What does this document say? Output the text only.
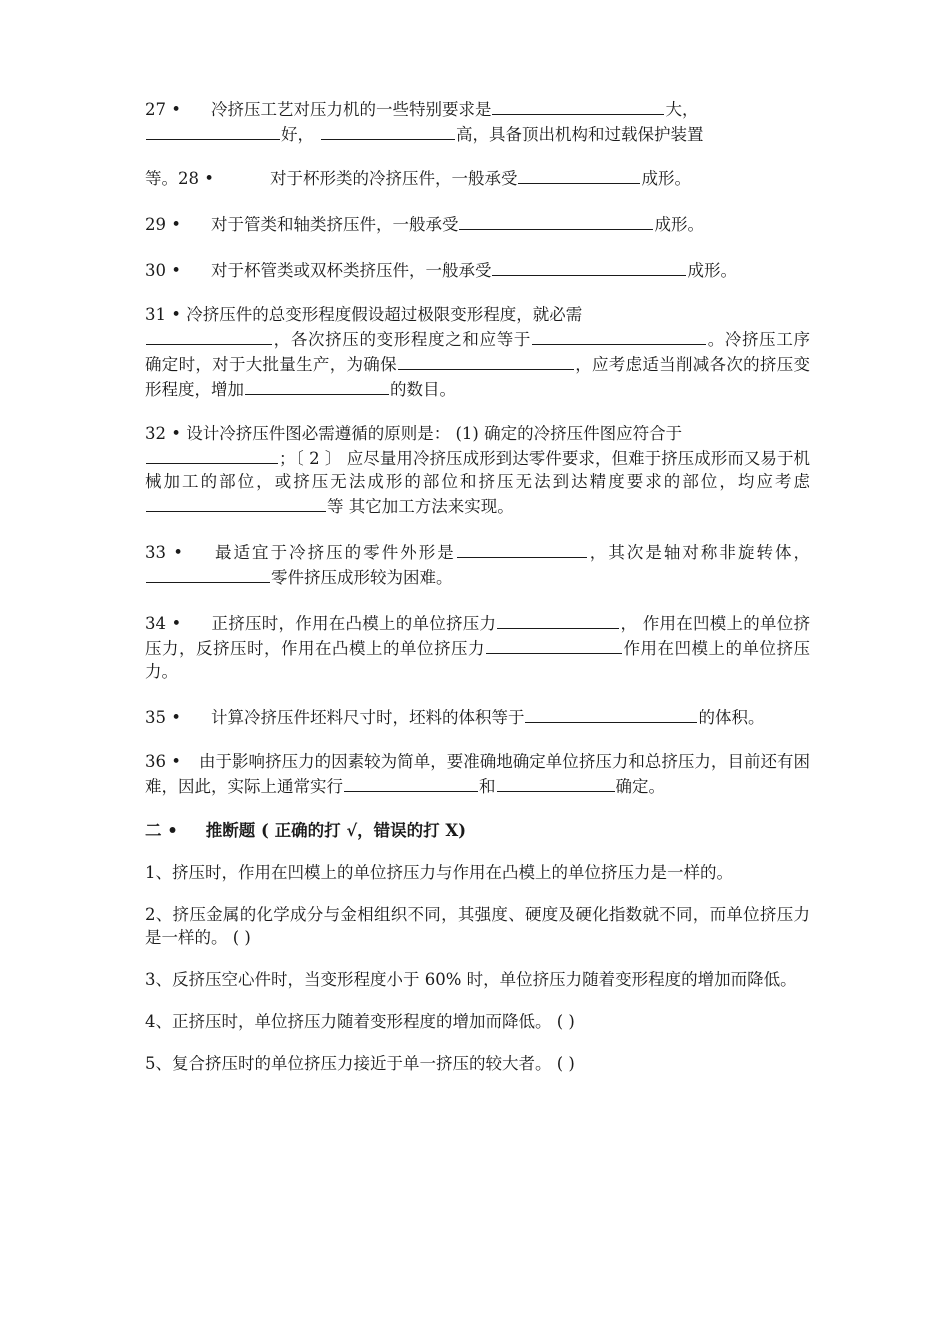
27 • 冷挤压工艺对压力机的一些特别要求是	大，
好，	高，具备顶出机构和过载保护装置

等。28 •	对于杯形类的冷挤压件，一般承受	成形。

29 • 对于管类和轴类挤压件，一般承受	成形。

30 • 对于杯管类或双杯类挤压件，一般承受	成形。

31 • 冷挤压件的总变形程度假设超过极限变形程度，就必需
，各次挤压的变形程度之和应等于	。冷挤压工序确定时，对于大批量生产，为确保	，应考虑适当削减各次的挤压变形程度，增加	的数目。

32 • 设计冷挤压件图必需遵循的原则是： (1) 确定的冷挤压件图应符合于
；〔 2 〕 应尽量用冷挤压成形到达零件要求，但难于挤压成形而又易于机械加工的部位，或挤压无法成形的部位和挤压无法到达精度要求的部位，均应考虑等 其它加工方法来实现。

33 • 最适宜于冷挤压的零件外形是	，其次是轴对称非旋转体，零件挤压成形较为困难。

34 • 正挤压时，作用在凸模上的单位挤压力	， 作用在凹模上的单位挤压力，反挤压时，作用在凸模上的单位挤压力	作用在凹模上的单位挤压力。

35 • 计算冷挤压件坯料尺寸时，坯料的体积等于	的体积。

36 • 由于影响挤压力的因素较为简单，要准确地确定单位挤压力和总挤压力，目前还有困难，因此，实际上通常实行	和	确定。

二 • 推断题 ( 正确的打 √，错误的打 X)

1、挤压时，作用在凹模上的单位挤压力与作用在凸模上的单位挤压力是一样的。

2、挤压金属的化学成分与金相组织不同，其强度、硬度及硬化指数就不同，而单位挤压力是一样的。 ( )

3、反挤压空心件时，当变形程度小于 60% 时，单位挤压力随着变形程度的增加而降低。

4、正挤压时，单位挤压力随着变形程度的增加而降低。 ( )

5、复合挤压时的单位挤压力接近于单一挤压的较大者。 ( )
